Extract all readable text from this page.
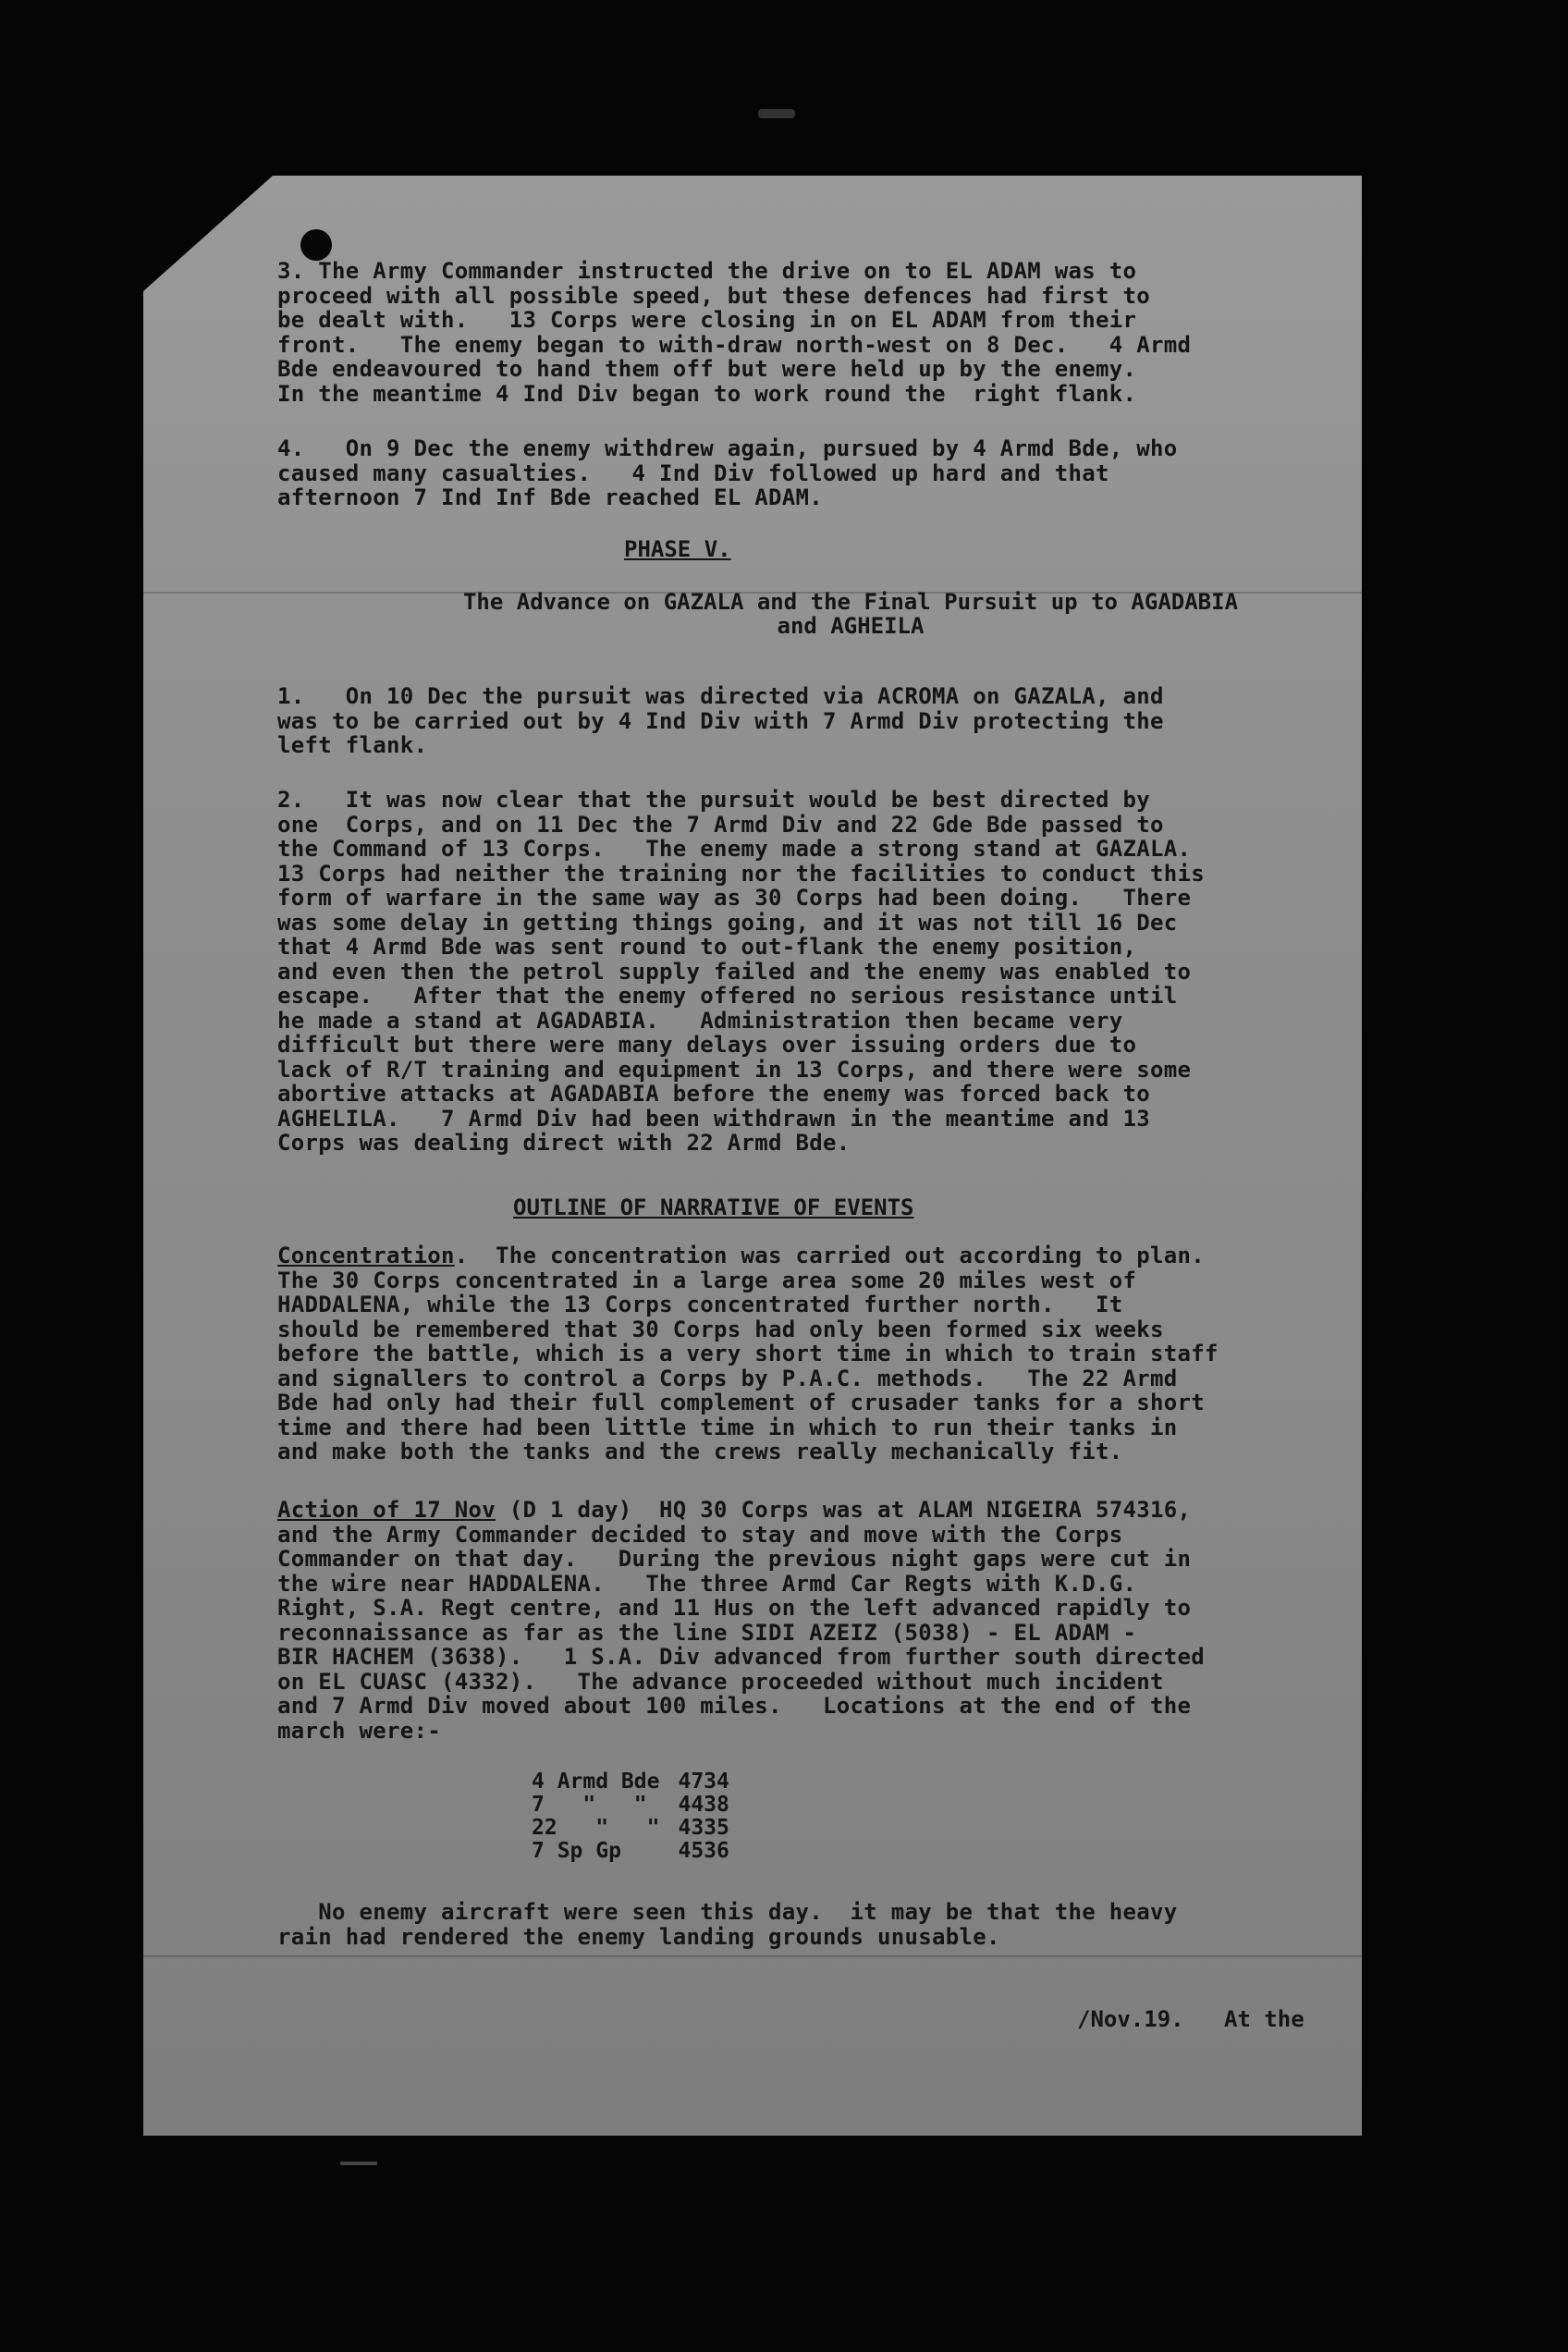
3. The Army Commander instructed the drive on to EL ADAM was to
proceed with all possible speed, but these defences had first to
be dealt with.   13 Corps were closing in on EL ADAM from their
front.   The enemy began to with-draw north-west on 8 Dec.   4 Armd
Bde endeavoured to hand them off but were held up by the enemy.
In the meantime 4 Ind Div began to work round the  right flank.
4.   On 9 Dec the enemy withdrew again, pursued by 4 Armd Bde, who
caused many casualties.   4 Ind Div followed up hard and that
afternoon 7 Ind Inf Bde reached EL ADAM.
PHASE V.
The Advance on GAZALA and the Final Pursuit up to AGADABIA
and AGHEILA
1.   On 10 Dec the pursuit was directed via ACROMA on GAZALA, and
was to be carried out by 4 Ind Div with 7 Armd Div protecting the
left flank.
2.   It was now clear that the pursuit would be best directed by
one  Corps, and on 11 Dec the 7 Armd Div and 22 Gde Bde passed to
the Command of 13 Corps.   The enemy made a strong stand at GAZALA.
13 Corps had neither the training nor the facilities to conduct this
form of warfare in the same way as 30 Corps had been doing.   There
was some delay in getting things going, and it was not till 16 Dec
that 4 Armd Bde was sent round to out-flank the enemy position,
and even then the petrol supply failed and the enemy was enabled to
escape.   After that the enemy offered no serious resistance until
he made a stand at AGADABIA.   Administration then became very
difficult but there were many delays over issuing orders due to
lack of R/T training and equipment in 13 Corps, and there were some
abortive attacks at AGADABIA before the enemy was forced back to
AGHELILA.   7 Armd Div had been withdrawn in the meantime and 13
Corps was dealing direct with 22 Armd Bde.
OUTLINE OF NARRATIVE OF EVENTS
Concentration.  The concentration was carried out according to plan.
The 30 Corps concentrated in a large area some 20 miles west of
HADDALENA, while the 13 Corps concentrated further north.   It
should be remembered that 30 Corps had only been formed six weeks
before the battle, which is a very short time in which to train staff
and signallers to control a Corps by P.A.C. methods.   The 22 Armd
Bde had only had their full complement of crusader tanks for a short
time and there had been little time in which to run their tanks in
and make both the tanks and the crews really mechanically fit.
Action of 17 Nov (D 1 day)  HQ 30 Corps was at ALAM NIGEIRA 574316,
and the Army Commander decided to stay and move with the Corps
Commander on that day.   During the previous night gaps were cut in
the wire near HADDALENA.   The three Armd Car Regts with K.D.G.
Right, S.A. Regt centre, and 11 Hus on the left advanced rapidly to
reconnaissance as far as the line SIDI AZEIZ (5038) - EL ADAM -
BIR HACHEM (3638).   1 S.A. Div advanced from further south directed
on EL CUASC (4332).   The advance proceeded without much incident
and 7 Armd Div moved about 100 miles.   Locations at the end of the
march were:-
4 Armd Bde	4734
7   "   "	4438
22   "   "	4335
7 Sp Gp	4536
No enemy aircraft were seen this day.  it may be that the heavy
rain had rendered the enemy landing grounds unusable.
/Nov.19.   At the
